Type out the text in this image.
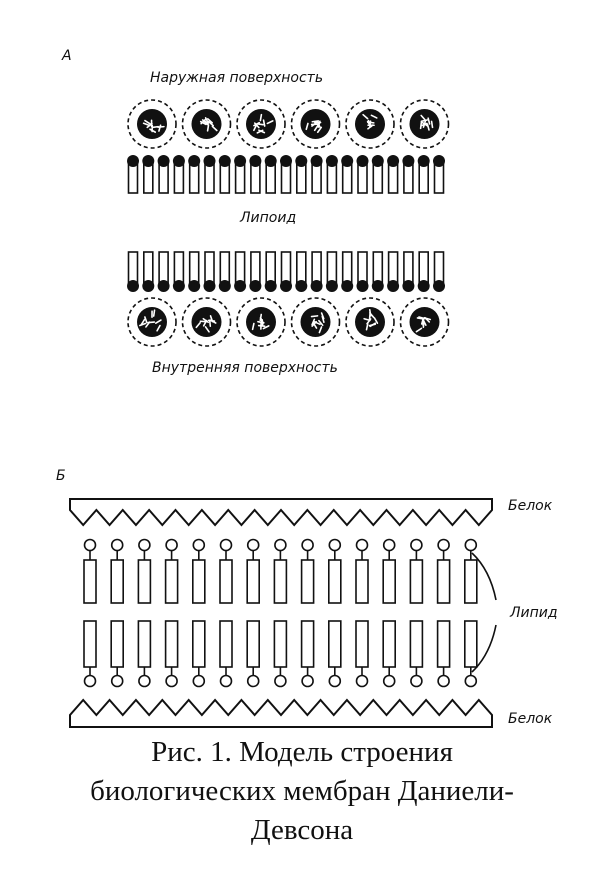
А
Наружная поверхность
Липоид
Внутренняя поверхность
Б
Белок
Липид
Белок
Рис. 1. Модель строения
биологических мембран Даниели-
Девсона
